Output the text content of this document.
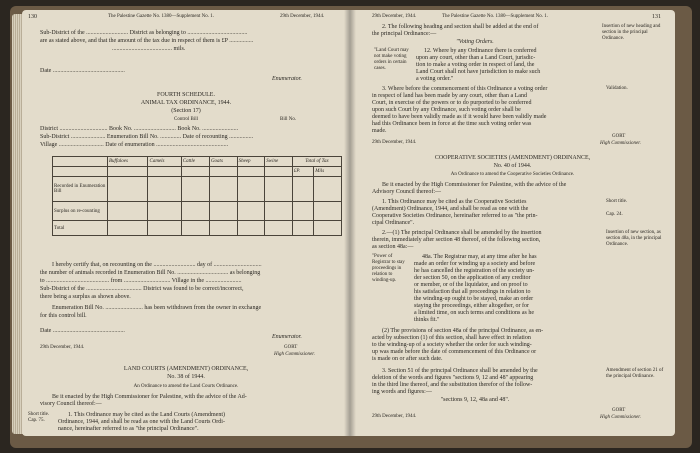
130	The Palestine Gazette No. 1380—Supplement No. 1.	29th December, 1944.
Sub-District of the ............................ District as belonging to ........................................
are as stated above, and that the amount of the tax due in respect of them is £P ................
........................................ mils.
Date ................................................
Enumerator.
FOURTH SCHEDULE.
ANIMAL TAX ORDINANCE, 1944.
(Section 17)
Control Bill	Bill No.
District ................................ Book No. ............................ Book No. ........................
Sub-District ....................... Enumeration Bill No. .............. Date of recounting ................
Village .............................. Date of enumeration ................................................
	Buffaloes	Camels	Cattle	Goats	Sheep	Swine	Total of Tax	
							£P.	Mils
Recorded in Enumeration Bill								
Surplus on re-counting								
Total								
I hereby certify that, on recounting on the ............................ day of ................................
the number of animals recorded in Enumeration Bill No. .................................. as belonging
to .......................................... from ............................... Village in the ........................
Sub-District of the ..................................... District was found to be correct/incorrect,
there being a surplus as shown above.
Enumeration Bill No. ......................... has been withdrawn from the owner in exchange
for this control bill.
Date ................................................
Enumerator.
29th December, 1944.	GORT
High Commissioner.
LAND COURTS (AMENDMENT) ORDINANCE,
No. 38 of 1944.
An Ordinance to amend the Land Courts Ordinance.
Be it enacted by the High Commissioner for Palestine, with the advice of the Ad-
visory Council thereof:—
Short title. Cap. 75.
1. This Ordinance may be cited as the Land Courts (Amendment)
Ordinance, 1944, and shall be read as one with the Land Courts Ordi-
nance, hereinafter referred to as "the principal Ordinance".
29th December, 1944.	The Palestine Gazette No. 1380—Supplement No. 1.	131
2. The following heading and section shall be added at the end of
the principal Ordinance:—
Insertion of new heading and section in the principal Ordinance.
"Voting Orders.
"Land Court may not make voting orders in certain cases.
12. Where by any Ordinance there is conferred
upon any court, other than a Land Court, jurisdic-
tion to make a voting order in respect of land, the
Land Court shall not have jurisdiction to make such
a voting order."
Validation.
3. Where before the commencement of this Ordinance a voting order
in respect of land has been made by any court, other than a Land
Court, in exercise of the powers or to do purported to be conferred
upon such Court by any Ordinance, such voting order shall be
deemed to have been validly made as if it would have been validly made
had this Ordinance been in force at the time such voting order was
made.
29th December, 1944.
GORT
High Commissioner.
COOPERATIVE SOCIETIES (AMENDMENT) ORDINANCE,
No. 40 of 1944.
An Ordinance to amend the Cooperative Societies Ordinance.
Be it enacted by the High Commissioner for Palestine, with the advice of the
Advisory Council thereof:—
Short title.
Cap. 24.
1. This Ordinance may be cited as the Cooperative Societies
(Amendment) Ordinance, 1944, and shall be read as one with the
Cooperative Societies Ordinance, hereinafter referred to as "the prin-
cipal Ordinance".
Insertion of new section, as section 48a, in the principal Ordinance.
2.—(1) The principal Ordinance shall be amended by the insertion
therein, immediately after section 48 thereof, of the following section,
as section 48a:—
"Power of Registrar to stay proceedings in relation to winding-up.
48a. The Registrar may, at any time after he has
made an order for winding up a society and before
he has cancelled the registration of the society un-
der section 50, on the application of any creditor
or member, or of the liquidator, and on proof to
his satisfaction that all proceedings in relation to
the winding-up ought to be stayed, make an order
staying the proceedings, either altogether, or for
a limited time, on such terms and conditions as he
thinks fit."
(2) The provisions of section 48a of the principal Ordinance, as en-
acted by subsection (1) of this section, shall have effect in relation
to the winding-up of a society whether the order for such winding-
up was made before the date of commencement of this Ordinance or
is made on or after such date.
Amendment of section 21 of the principal Ordinance.
3. Section 51 of the principal Ordinance shall be amended by the
deletion of the words and figures "sections 9, 12 and 48" appearing
in the third line thereof, and the substitution therefor of the follow-
ing words and figures:—
"sections 9, 12, 48a and 48".
GORT
29th December, 1944.	High Commissioner.
